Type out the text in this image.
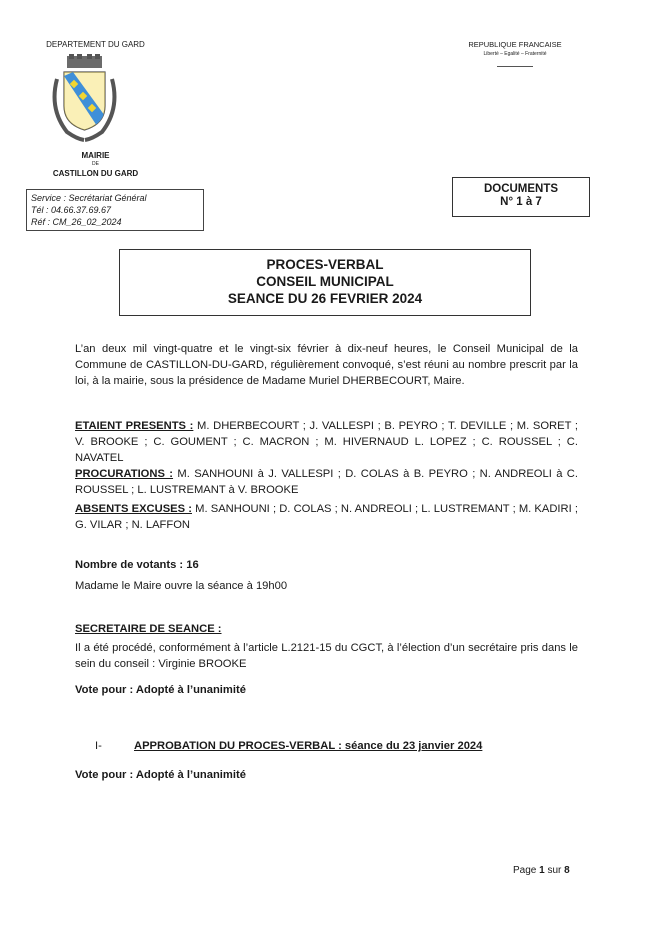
DEPARTEMENT DU GARD	REPUBLIQUE FRANCAISE
Liberté – Egalité – Fraternité
MAIRIE
DE
CASTILLON DU GARD
Service : Secrétariat Général
Tél : 04.66.37.69.67
Réf : CM_26_02_2024
DOCUMENTS
N° 1 à 7
PROCES-VERBAL
CONSEIL MUNICIPAL
SEANCE DU 26 FEVRIER 2024
L’an deux mil vingt-quatre et le vingt-six février à dix-neuf heures, le Conseil Municipal de la Commune de CASTILLON-DU-GARD, régulièrement convoqué, s’est réuni au nombre prescrit par la loi, à la mairie, sous la présidence de Madame Muriel DHERBECOURT, Maire.
ETAIENT PRESENTS : M. DHERBECOURT ; J. VALLESPI ; B. PEYRO ; T. DEVILLE ; M. SORET ; V. BROOKE ; C. GOUMENT ; C. MACRON ; M. HIVERNAUD L. LOPEZ ; C. ROUSSEL ; C. NAVATEL
PROCURATIONS : M. SANHOUNI à J. VALLESPI ; D. COLAS à B. PEYRO ; N. ANDREOLI à C. ROUSSEL ; L. LUSTREMANT à V. BROOKE
ABSENTS EXCUSES : M. SANHOUNI ; D. COLAS ; N. ANDREOLI ; L. LUSTREMANT ; M. KADIRI ; G. VILAR ; N. LAFFON
Nombre de votants : 16
Madame le Maire ouvre la séance à 19h00
SECRETAIRE DE SEANCE :
Il a été procédé, conformément à l’article L.2121-15 du CGCT, à l’élection d’un secrétaire pris dans le sein du conseil : Virginie BROOKE
Vote pour : Adopté à l’unanimité
I-	APPROBATION DU PROCES-VERBAL : séance du 23 janvier 2024
Vote pour : Adopté à l’unanimité
Page 1 sur 8
